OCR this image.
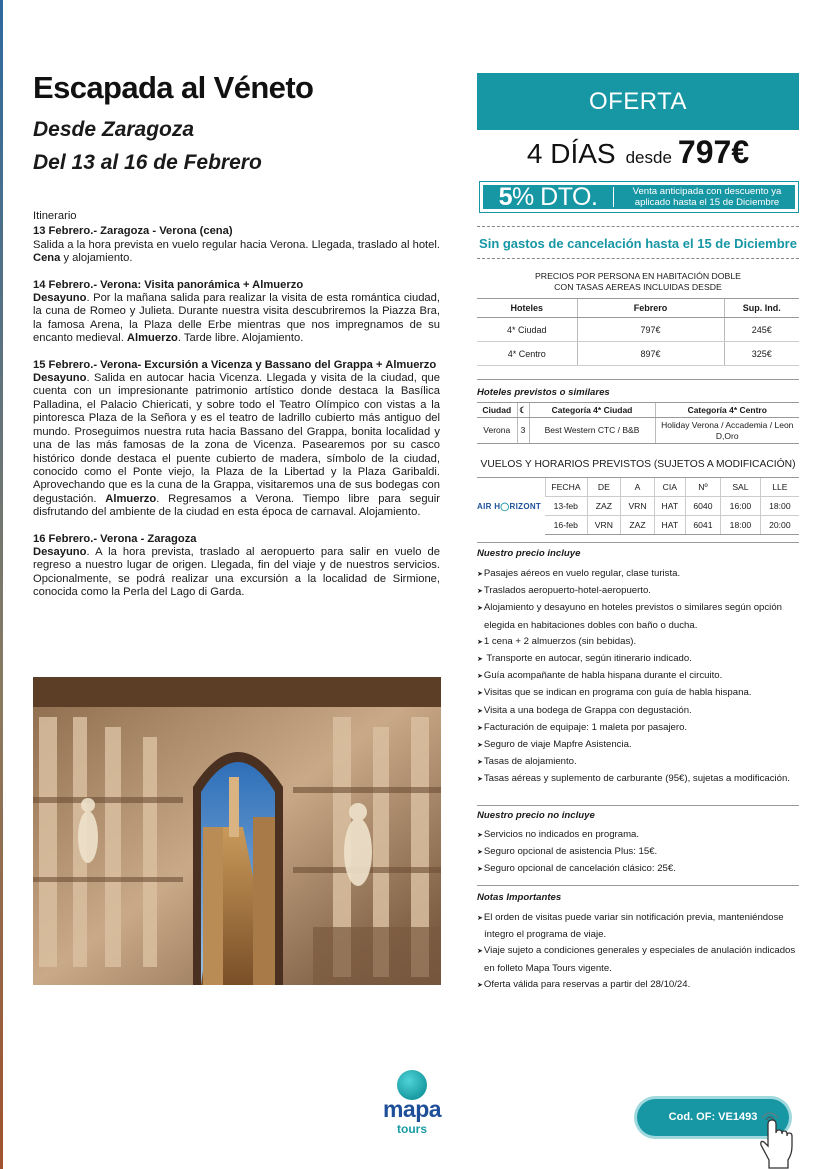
Escapada al Véneto
Desde Zaragoza
Del 13 al 16 de Febrero
Itinerario
13 Febrero.- Zaragoza - Verona (cena)
Salida a la hora prevista en vuelo regular hacia Verona. Llegada, traslado al hotel. Cena y alojamiento.
14 Febrero.- Verona: Visita panorámica + Almuerzo
Desayuno. Por la mañana salida para realizar la visita de esta romántica ciudad, la cuna de Romeo y Julieta. Durante nuestra visita descubriremos la Piazza Bra, la famosa Arena, la Plaza delle Erbe mientras que nos impregnamos de su encanto medieval. Almuerzo. Tarde libre. Alojamiento.
15 Febrero.- Verona- Excursión a Vicenza y Bassano del Grappa + Almuerzo
Desayuno. Salida en autocar hacia Vicenza. Llegada y visita de la ciudad, que cuenta con un impresionante patrimonio artístico donde destaca la Basílica Palladina, el Palacio Chiericati, y sobre todo el Teatro Olímpico con vistas a la pintoresca Plaza de la Señora y es el teatro de ladrillo cubierto más antiguo del mundo. Proseguimos nuestra ruta hacia Bassano del Grappa, bonita localidad y una de las más famosas de la zona de Vicenza. Pasearemos por su casco histórico donde destaca el puente cubierto de madera, símbolo de la ciudad, conocido como el Ponte viejo, la Plaza de la Libertad y la Plaza Garibaldi. Aprovechando que es la cuna de la Grappa, visitaremos una de sus bodegas con degustación. Almuerzo. Regresamos a Verona. Tiempo libre para seguir disfrutando del ambiente de la ciudad en esta época de carnaval. Alojamiento.
16 Febrero.- Verona - Zaragoza
Desayuno. A la hora prevista, traslado al aeropuerto para salir en vuelo de regreso a nuestro lugar de origen. Llegada, fin del viaje y de nuestros servicios. Opcionalmente, se podrá realizar una excursión a la localidad de Sirmione, conocida como la Perla del Lago di Garda.
mapa
tours
OFERTA
4 DÍAS desde 797€
5% DTO.	Venta anticipada con descuento ya aplicado hasta el 15 de Diciembre
Sin gastos de cancelación hasta el 15 de Diciembre
PRECIOS POR PERSONA EN HABITACIÓN DOBLE
CON TASAS AEREAS INCLUIDAS DESDE
Hoteles	Febrero	Sup. Ind.
4* Ciudad	797€	245€
4* Centro	897€	325€
Hoteles previstos o similares
Ciudad	☾	Categoría 4* Ciudad	Categoría 4* Centro
Verona	3	Best Western CTC / B&B	Holiday Verona / Accademia / Leon D,Oro
VUELOS Y HORARIOS PREVISTOS (SUJETOS A MODIFICACIÓN)
AIR H◯RIZONT	FECHA	DE	A	CIA	Nº	SAL	LLE
	13-feb	ZAZ	VRN	HAT	6040	16:00	18:00
	16-feb	VRN	ZAZ	HAT	6041	18:00	20:00
Nuestro precio incluye
➤ Pasajes aéreos en vuelo regular, clase turista.
➤ Traslados aeropuerto-hotel-aeropuerto.
➤ Alojamiento y desayuno en hoteles previstos o similares según opción elegida en habitaciones dobles con baño o ducha.
➤ 1 cena + 2 almuerzos (sin bebidas).
➤ Transporte en autocar, según itinerario indicado.
➤ Guía acompañante de habla hispana durante el circuito.
➤ Visitas que se indican en programa con guía de habla hispana.
➤ Visita a una bodega de Grappa con degustación.
➤ Facturación de equipaje: 1 maleta por pasajero.
➤ Seguro de viaje Mapfre Asistencia.
➤ Tasas de alojamiento.
➤ Tasas aéreas y suplemento de carburante (95€), sujetas a modificación.
Nuestro precio no incluye
➤ Servicios no indicados en programa.
➤ Seguro opcional de asistencia Plus: 15€.
➤ Seguro opcional de cancelación clásico: 25€.
Notas Importantes
➤ El orden de visitas puede variar sin notificación previa, manteniéndose íntegro el programa de viaje.
➤ Viaje sujeto a condiciones generales y especiales de anulación indicados en folleto Mapa Tours vigente.
➤ Oferta válida para reservas a partir del 28/10/24.
Cod. OF: VE1493
